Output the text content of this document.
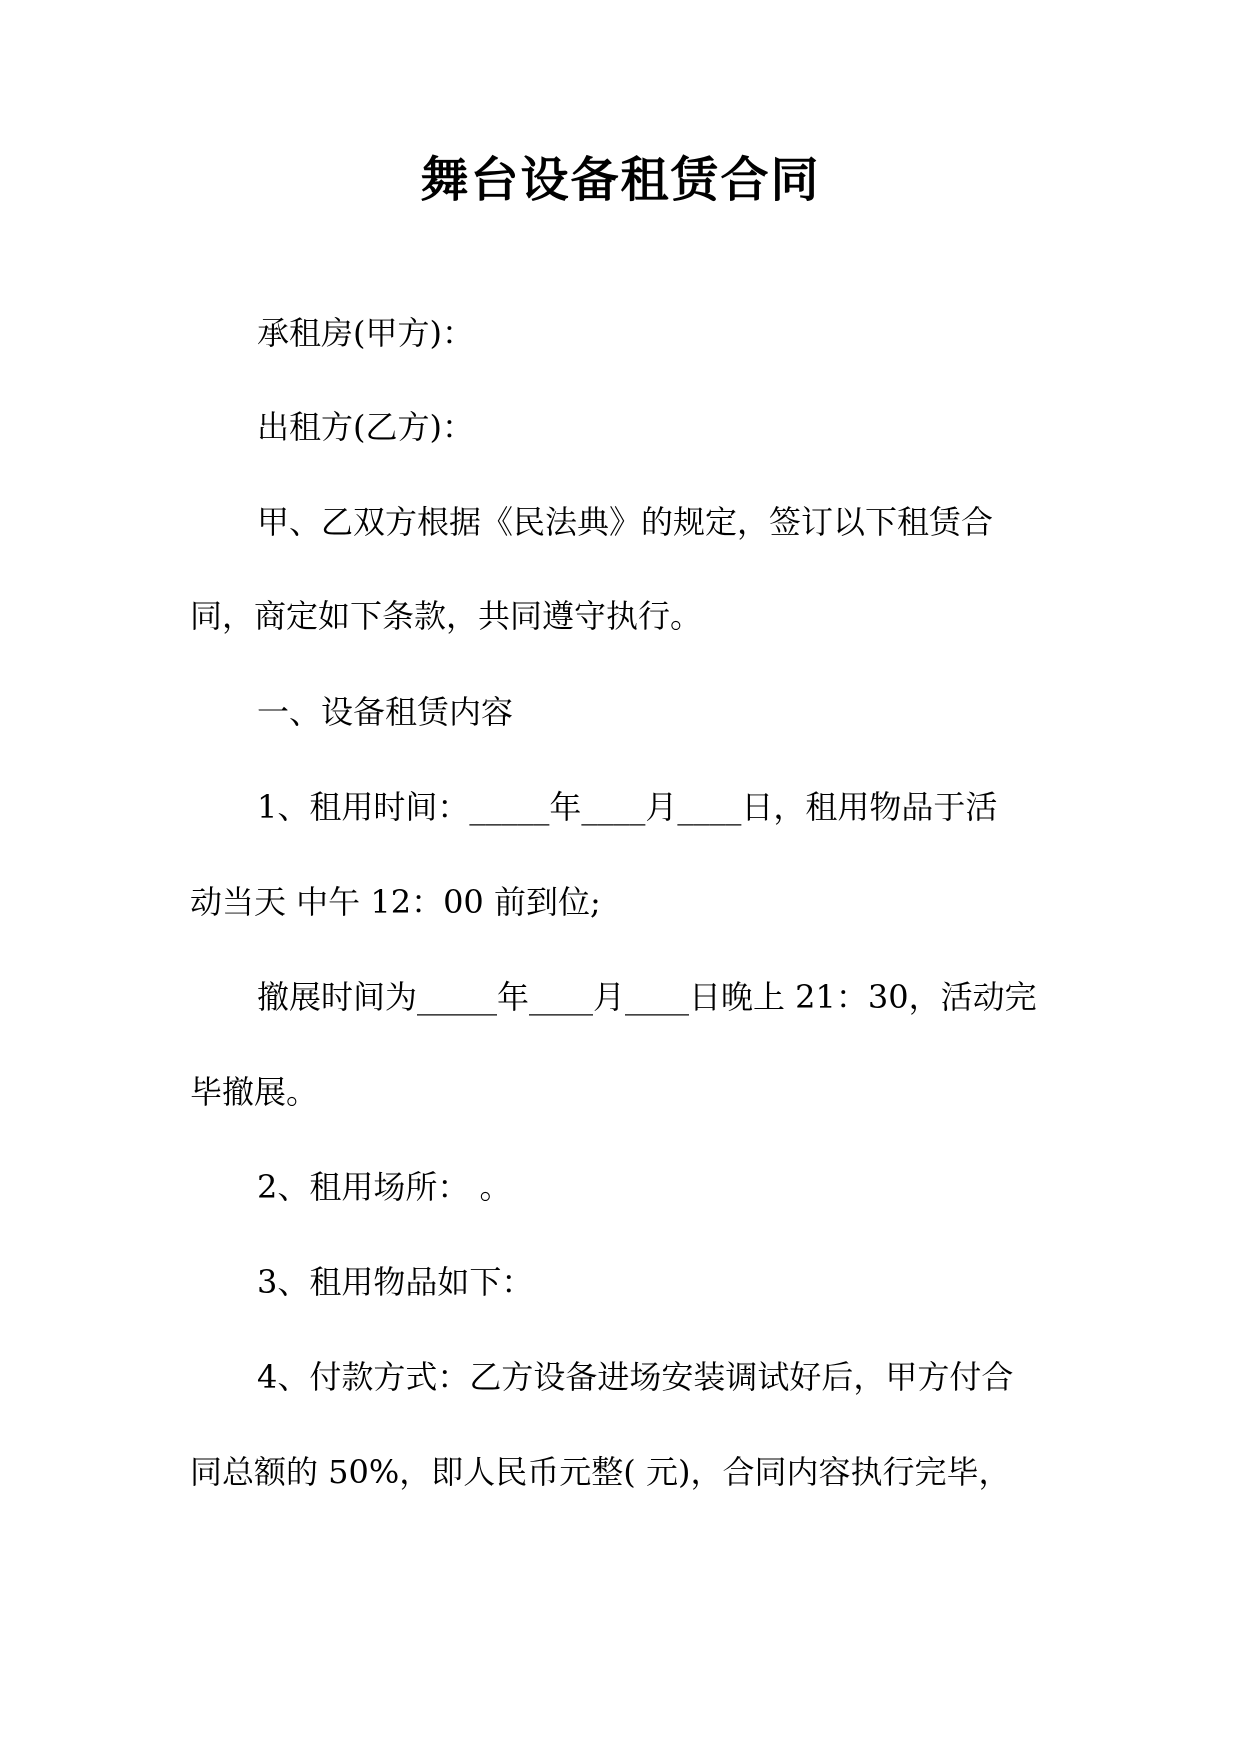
舞台设备租赁合同
承租房(甲方)：
出租方(乙方)：
甲、乙双方根据《民法典》的规定，签订以下租赁合
同，商定如下条款，共同遵守执行。
一、设备租赁内容
1、租用时间：_____年____月____日，租用物品于活
动当天 中午 12：00 前到位;
撤展时间为_____年____月____日晚上 21：30，活动完
毕撤展。
2、租用场所： 。
3、租用物品如下：
4、付款方式：乙方设备进场安装调试好后，甲方付合
同总额的 50%，即人民币元整( 元)，合同内容执行完毕，
